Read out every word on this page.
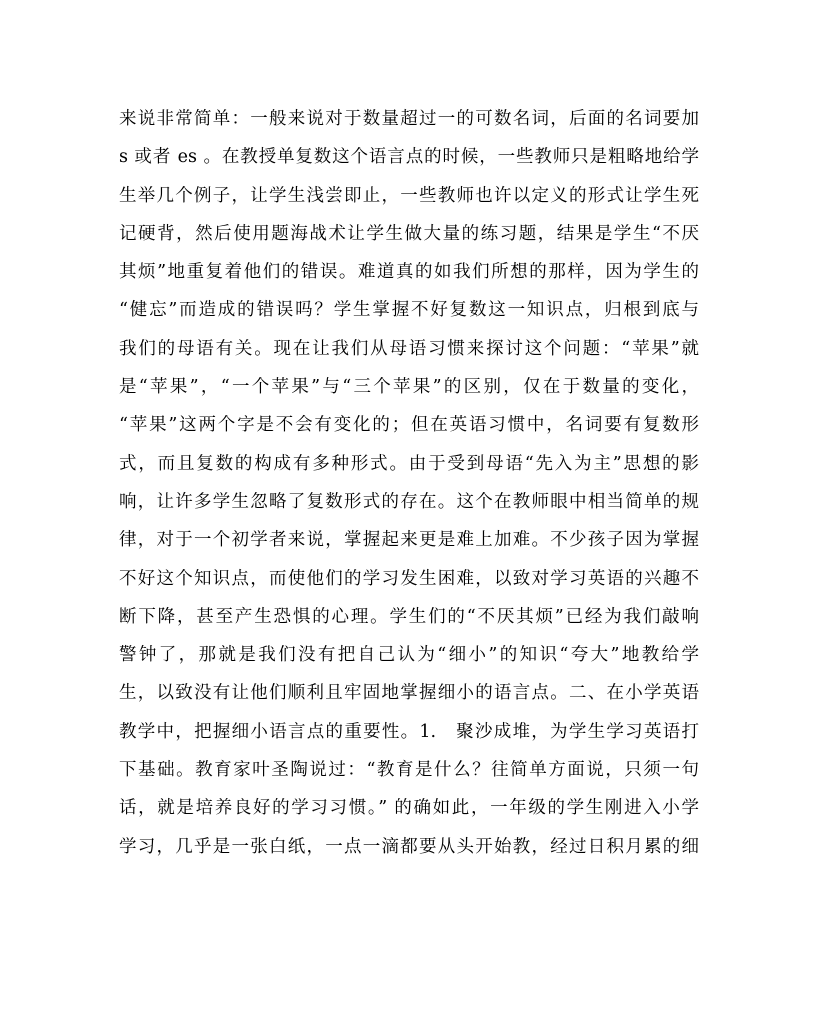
来说非常简单：一般来说对于数量超过一的可数名词，后面的名词要加
s 或者 es 。在教授单复数这个语言点的时候，一些教师只是粗略地给学
生举几个例子，让学生浅尝即止，一些教师也许以定义的形式让学生死
记硬背，然后使用题海战术让学生做大量的练习题，结果是学生“不厌
其烦”地重复着他们的错误。难道真的如我们所想的那样，因为学生的
“健忘”而造成的错误吗？学生掌握不好复数这一知识点，归根到底与
我们的母语有关。现在让我们从母语习惯来探讨这个问题：“苹果”就
是“苹果”，“一个苹果”与“三个苹果”的区别，仅在于数量的变化，
“苹果”这两个字是不会有变化的；但在英语习惯中，名词要有复数形
式，而且复数的构成有多种形式。由于受到母语“先入为主”思想的影
响，让许多学生忽略了复数形式的存在。这个在教师眼中相当简单的规
律，对于一个初学者来说，掌握起来更是难上加难。不少孩子因为掌握
不好这个知识点，而使他们的学习发生困难，以致对学习英语的兴趣不
断下降，甚至产生恐惧的心理。学生们的“不厌其烦”已经为我们敲响
警钟了，那就是我们没有把自己认为“细小”的知识“夸大”地教给学
生，以致没有让他们顺利且牢固地掌握细小的语言点。二、在小学英语
教学中，把握细小语言点的重要性。1.　聚沙成堆，为学生学习英语打
下基础。教育家叶圣陶说过：“教育是什么？往简单方面说，只须一句
话，就是培养良好的学习习惯。” 的确如此，一年级的学生刚进入小学
学习，几乎是一张白纸，一点一滴都要从头开始教，经过日积月累的细
